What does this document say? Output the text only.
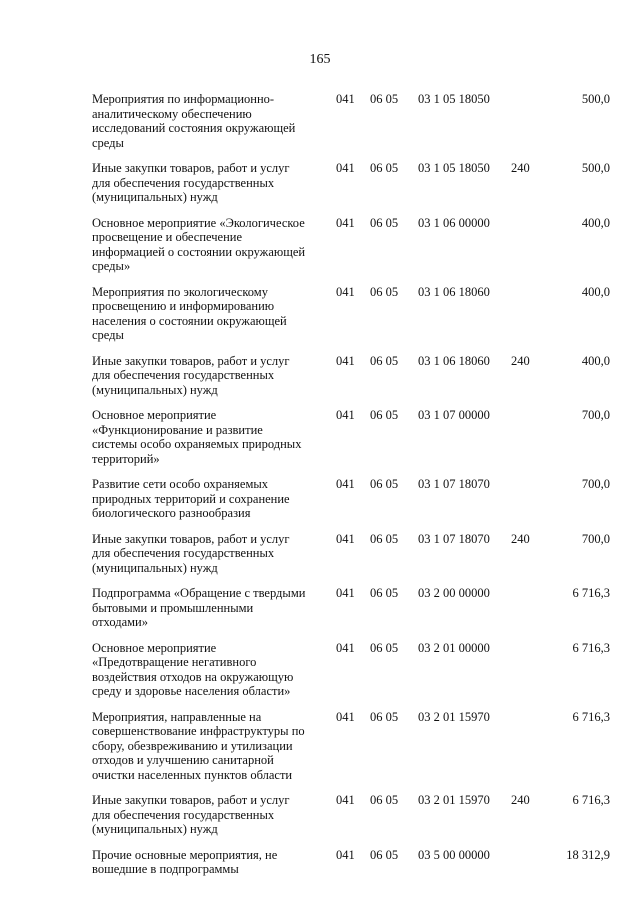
165
Мероприятия по информационно-аналитическому обеспечению исследований состояния окружающей среды
041 06 05 03 1 05 18050	500,0
Иные закупки товаров, работ и услуг для обеспечения государственных (муниципальных) нужд
041 06 05 03 1 05 18050 240	500,0
Основное мероприятие «Экологическое просвещение и обеспечение информацией о состоянии окружающей среды»
041 06 05 03 1 06 00000	400,0
Мероприятия по экологическому просвещению и информированию населения о состоянии окружающей среды
041 06 05 03 1 06 18060	400,0
Иные закупки товаров, работ и услуг для обеспечения государственных (муниципальных) нужд
041 06 05 03 1 06 18060 240	400,0
Основное мероприятие «Функционирование и развитие системы особо охраняемых природных территорий»
041 06 05 03 1 07 00000	700,0
Развитие сети особо охраняемых природных территорий и сохранение биологического разнообразия
041 06 05 03 1 07 18070	700,0
Иные закупки товаров, работ и услуг для обеспечения государственных (муниципальных) нужд
041 06 05 03 1 07 18070 240	700,0
Подпрограмма «Обращение с твердыми бытовыми и промышленными отходами»
041 06 05 03 2 00 00000	6 716,3
Основное мероприятие «Предотвращение негативного воздействия отходов на окружающую среду и здоровье населения области»
041 06 05 03 2 01 00000	6 716,3
Мероприятия, направленные на совершенствование инфраструктуры по сбору, обезвреживанию и утилизации отходов и улучшению санитарной очистки населенных пунктов области
041 06 05 03 2 01 15970	6 716,3
Иные закупки товаров, работ и услуг для обеспечения государственных (муниципальных) нужд
041 06 05 03 2 01 15970 240	6 716,3
Прочие основные мероприятия, не вошедшие в подпрограммы
041 06 05 03 5 00 00000	18 312,9
